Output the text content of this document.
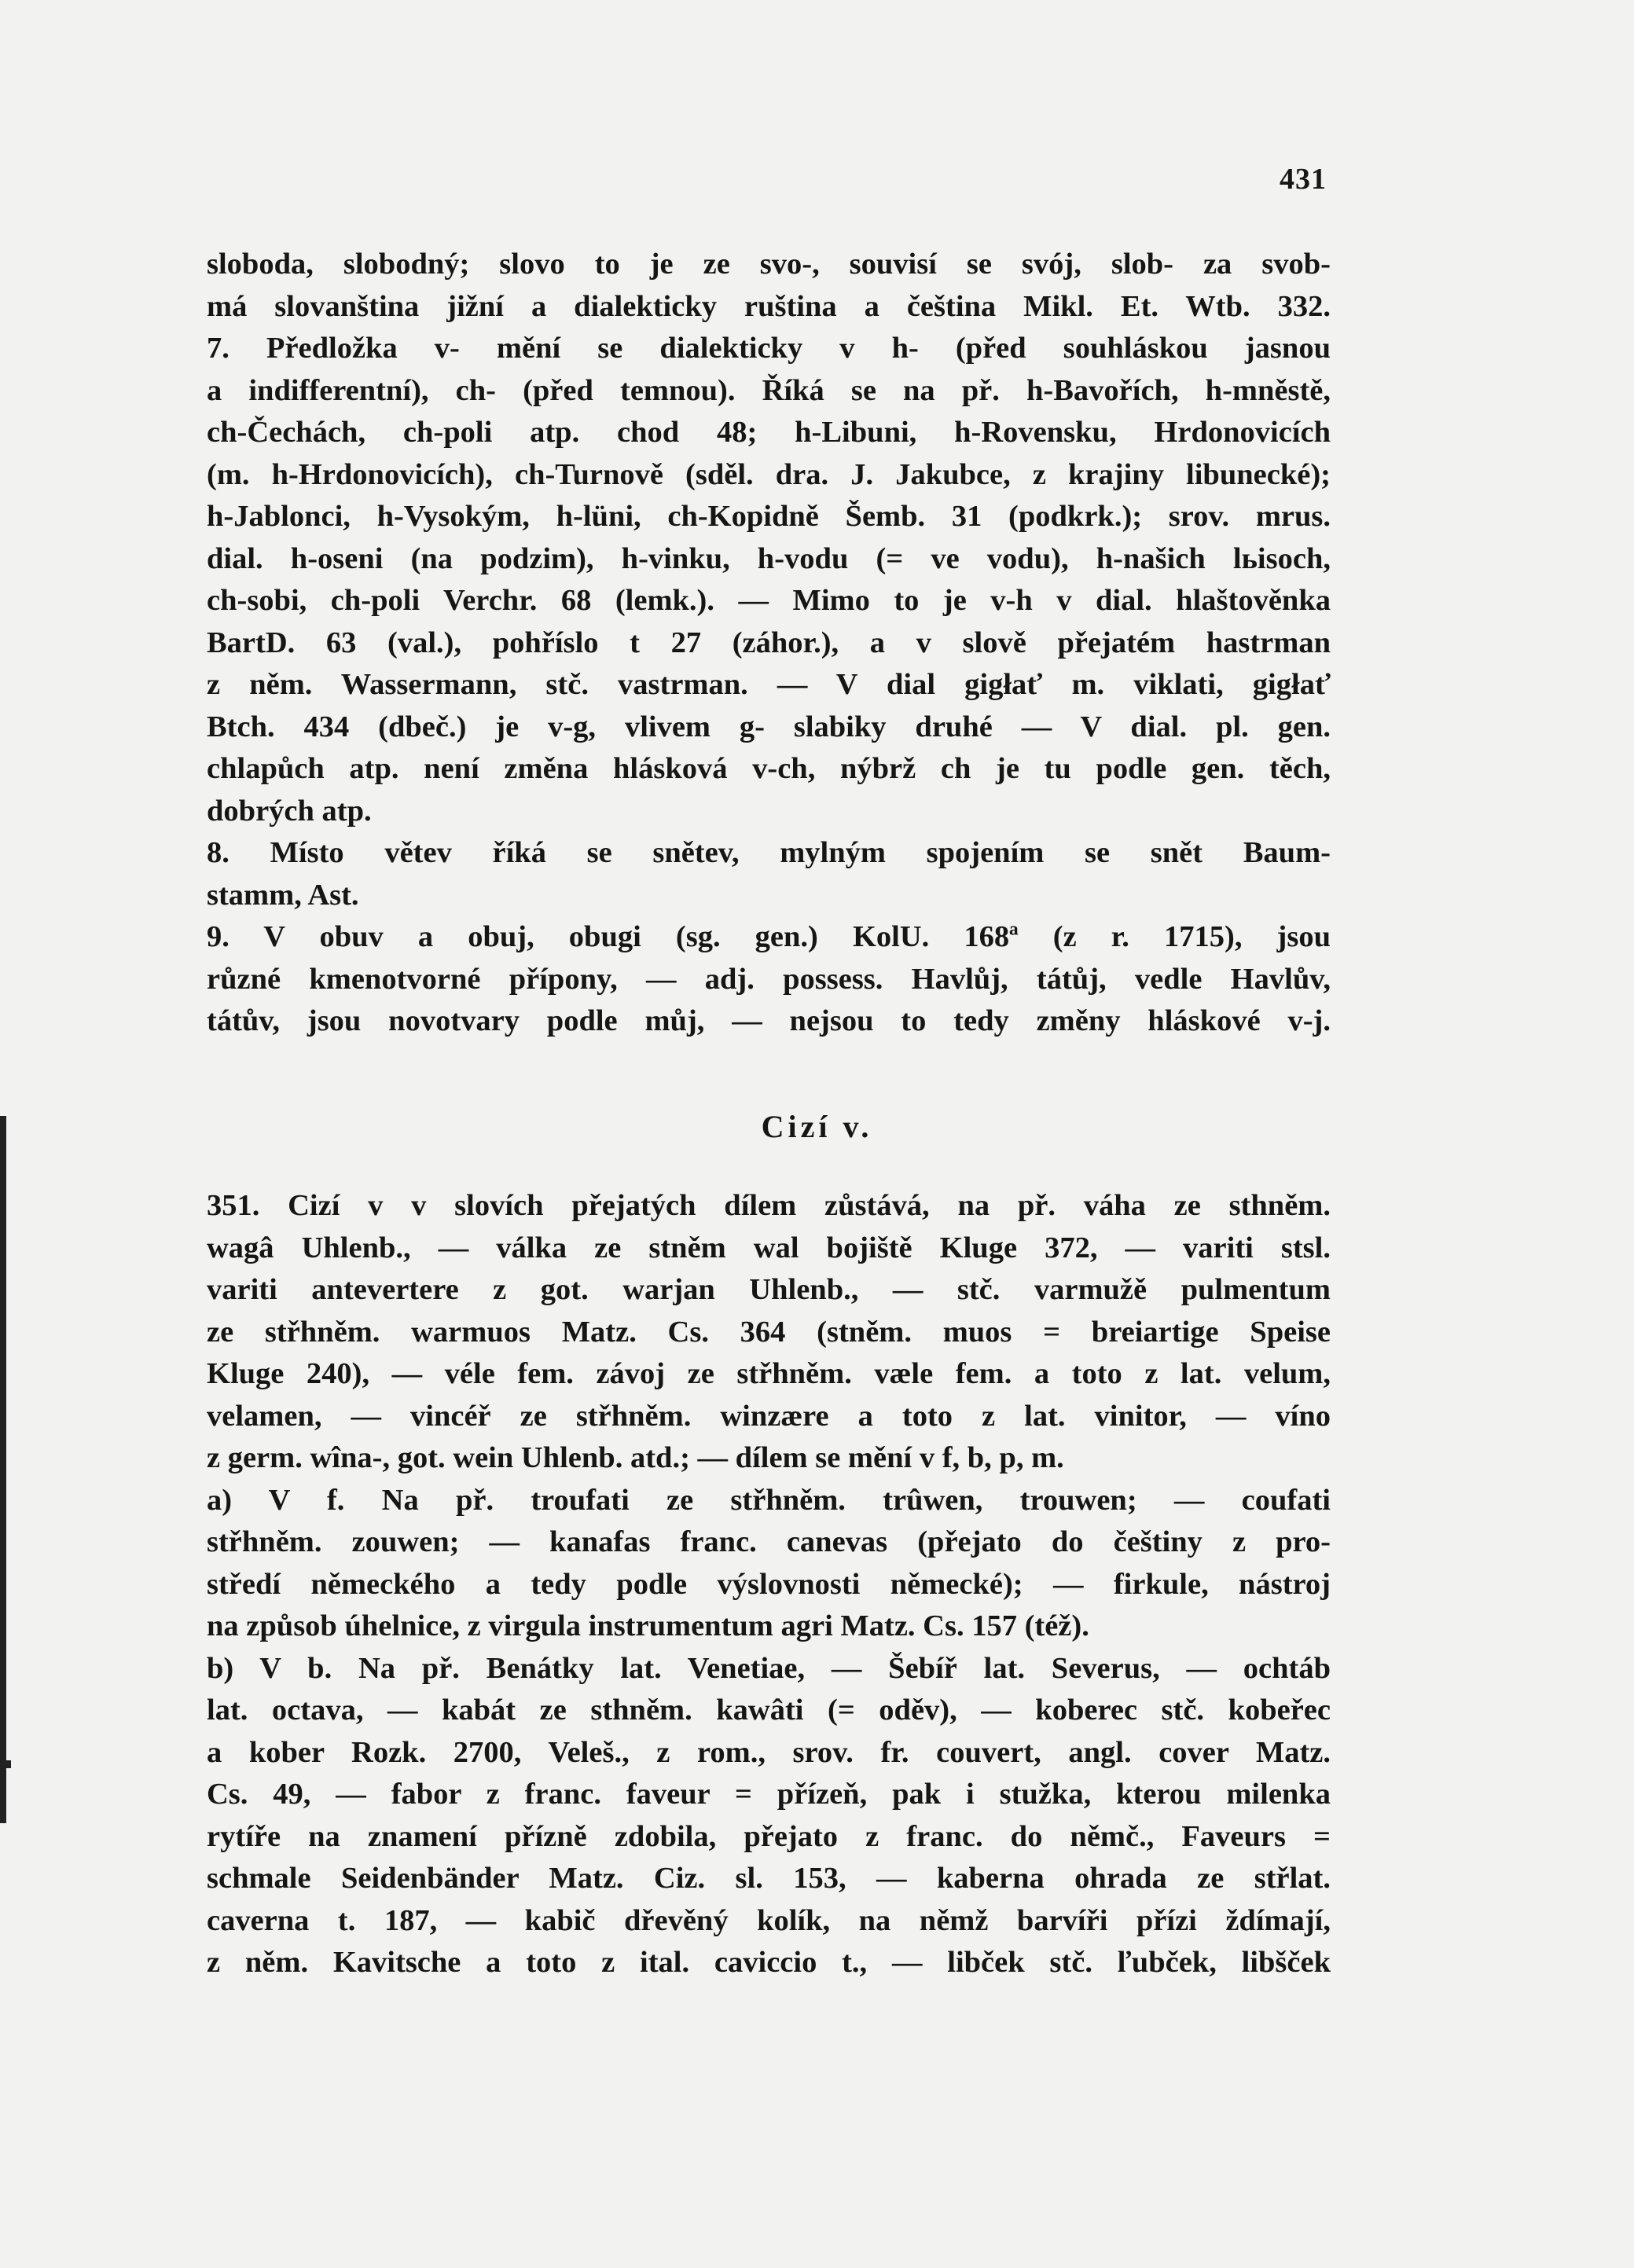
431
sloboda, slobodný; slovo to je ze svo-, souvisí se svój, slob- za svob-
má slovanština jižní a dialekticky ruština a čeština Mikl. Et. Wtb. 332.
7. Předložka v- mění se dialekticky v h- (před souhláskou jasnou
a indifferentní), ch- (před temnou). Říká se na př. h-Bavořích, h-mněstě,
ch-Čechách, ch-poli atp. chod 48; h-Libuni, h-Rovensku, Hrdonovicích
(m. h-Hrdonovicích), ch-Turnově (sděl. dra. J. Jakubce, z krajiny libunecké);
h-Jablonci, h-Vysokým, h-lüni, ch-Kopidně Šemb. 31 (podkrk.); srov. mrus.
dial. h-oseni (na podzim), h-vinku, h-vodu (= ve vodu), h-našich lьisoch,
ch-sobi, ch-poli Verchr. 68 (lemk.). — Mimo to je v-h v dial. hlaštověnka
BartD. 63 (val.), pohříslo t 27 (záhor.), a v slově přejatém hastrman
z něm. Wassermann, stč. vastrman. — V dial gigłať m. viklati, gigłať
Btch. 434 (dbeč.) je v-g, vlivem g- slabiky druhé — V dial. pl. gen.
chlapůch atp. není změna hlásková v-ch, nýbrž ch je tu podle gen. těch,
dobrých atp.
8. Místo větev říká se snětev, mylným spojením se snět Baum-
stamm, Ast.
9. V obuv a obuj, obugi (sg. gen.) KolU. 168ª (z r. 1715), jsou
různé kmenotvorné přípony, — adj. possess. Havlůj, tátůj, vedle Havlův,
tátův, jsou novotvary podle můj, — nejsou to tedy změny hláskové v-j.
Cizí v.
351. Cizí v v slovích přejatých dílem zůstává, na př. váha ze sthněm.
wagâ Uhlenb., — válka ze stněm wal bojiště Kluge 372, — variti stsl.
variti antevertere z got. warjan Uhlenb., — stč. varmužě pulmentum
ze střhněm. warmuos Matz. Cs. 364 (stněm. muos = breiartige Speise
Kluge 240), — véle fem. závoj ze střhněm. væle fem. a toto z lat. velum,
velamen, — vincéř ze střhněm. winzære a toto z lat. vinitor, — víno
z germ. wîna-, got. wein Uhlenb. atd.; — dílem se mění v f, b, p, m.
a) V f. Na př. troufati ze střhněm. trûwen, trouwen; — coufati
střhněm. zouwen; — kanafas franc. canevas (přejato do češtiny z pro-
středí německého a tedy podle výslovnosti německé); — firkule, nástroj
na způsob úhelnice, z virgula instrumentum agri Matz. Cs. 157 (též).
b) V b. Na př. Benátky lat. Venetiae, — Šebíř lat. Severus, — ochtáb
lat. octava, — kabát ze sthněm. kawâti (= oděv), — koberec stč. kobeřec
a kober Rozk. 2700, Veleš., z rom., srov. fr. couvert, angl. cover Matz.
Cs. 49, — fabor z franc. faveur = přízeň, pak i stužka, kterou milenka
rytíře na znamení přízně zdobila, přejato z franc. do němč., Faveurs =
schmale Seidenbänder Matz. Ciz. sl. 153, — kaberna ohrada ze střlat.
caverna t. 187, — kabič dřevěný kolík, na němž barvíři přízi ždímají,
z něm. Kavitsche a toto z ital. caviccio t., — libček stč. ľubček, libšček
